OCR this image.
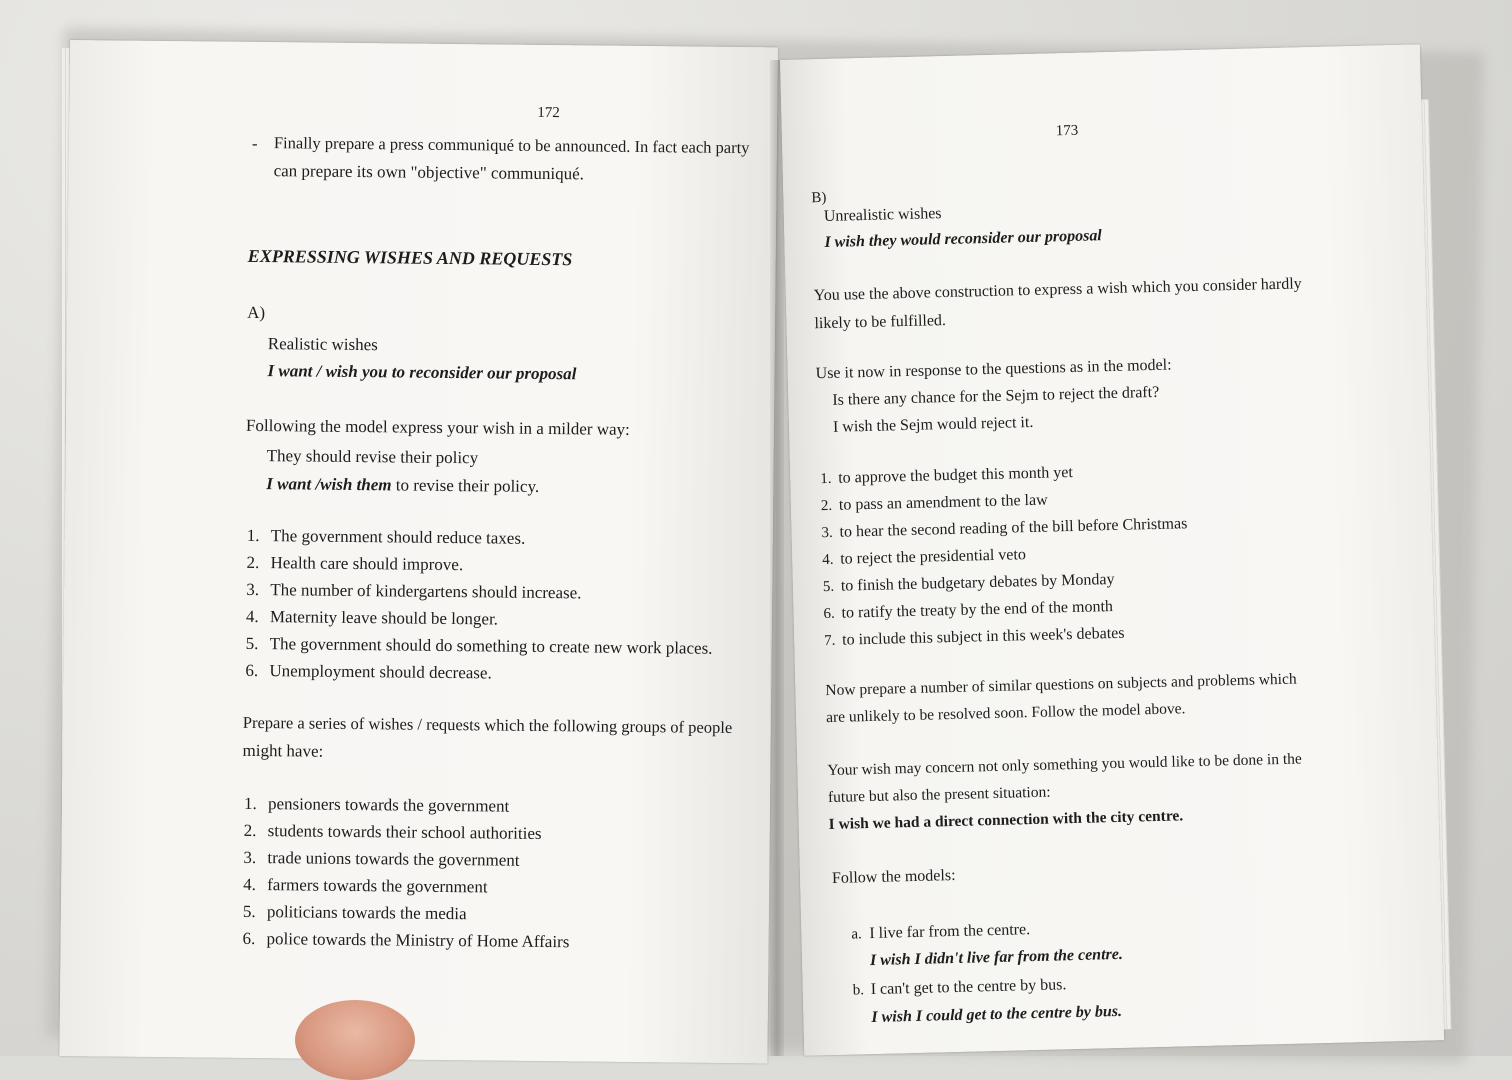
172
- Finally prepare a press communiqué to be announced. In fact each party
can prepare its own "objective" communiqué.
EXPRESSING WISHES AND REQUESTS
A)
Realistic wishes
I want / wish you to reconsider our proposal
Following the model express your wish in a milder way:
They should revise their policy
I want /wish them to revise their policy.
1. The government should reduce taxes.
2. Health care should improve.
3. The number of kindergartens should increase.
4. Maternity leave should be longer.
5. The government should do something to create new work places.
6. Unemployment should decrease.
Prepare a series of wishes / requests which the following groups of people
might have:
1. pensioners towards the government
2. students towards their school authorities
3. trade unions towards the government
4. farmers towards the government
5. politicians towards the media
6. police towards the Ministry of Home Affairs
173
B)
Unrealistic wishes
I wish they would reconsider our proposal
You use the above construction to express a wish which you consider hardly
likely to be fulfilled.
Use it now in response to the questions as in the model:
Is there any chance for the Sejm to reject the draft?
I wish the Sejm would reject it.
1. to approve the budget this month yet
2. to pass an amendment to the law
3. to hear the second reading of the bill before Christmas
4. to reject the presidential veto
5. to finish the budgetary debates by Monday
6. to ratify the treaty by the end of the month
7. to include this subject in this week's debates
Now prepare a number of similar questions on subjects and problems which
are unlikely to be resolved soon. Follow the model above.
Your wish may concern not only something you would like to be done in the
future but also the present situation:
I wish we had a direct connection with the city centre.
Follow the models:
a. I live far from the centre.
I wish I didn't live far from the centre.
b. I can't get to the centre by bus.
I wish I could get to the centre by bus.
